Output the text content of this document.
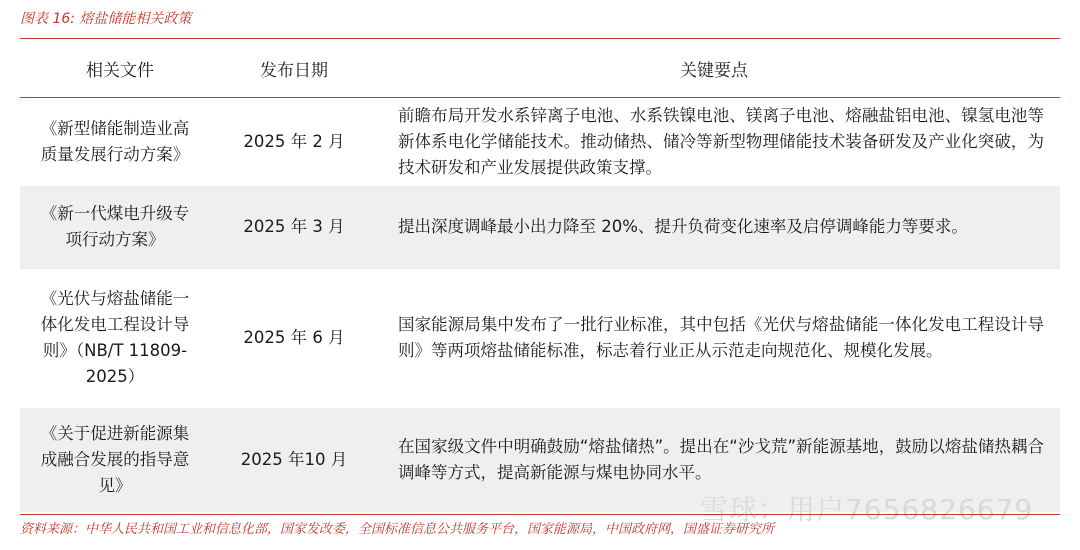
图表 16: 熔盐储能相关政策
相关文件	发布日期	关键要点
《新型储能制造业高质量发展行动方案》	2025 年 2 月	前瞻布局开发水系锌离子电池、水系铁镍电池、镁离子电池、熔融盐铝电池、镍氢电池等新体系电化学储能技术。推动储热、储冷等新型物理储能技术装备研发及产业化突破，为技术研发和产业发展提供政策支撑。
《新一代煤电升级专项行动方案》	2025 年 3 月	提出深度调峰最小出力降至 20%、提升负荷变化速率及启停调峰能力等要求。
《光伏与熔盐储能一体化发电工程设计导则》（NB/T 11809-2025）	2025 年 6 月	国家能源局集中发布了一批行业标准，其中包括《光伏与熔盐储能一体化发电工程设计导则》等两项熔盐储能标准，标志着行业正从示范走向规范化、规模化发展。
《关于促进新能源集成融合发展的指导意见》	2025 年10 月	在国家级文件中明确鼓励“熔盐储热”。提出在“沙戈荒”新能源基地，鼓励以熔盐储热耦合调峰等方式，提高新能源与煤电协同水平。
雪球：用户7656826679
资料来源：中华人民共和国工业和信息化部，国家发改委，全国标准信息公共服务平台，国家能源局，中国政府网，国盛证券研究所
